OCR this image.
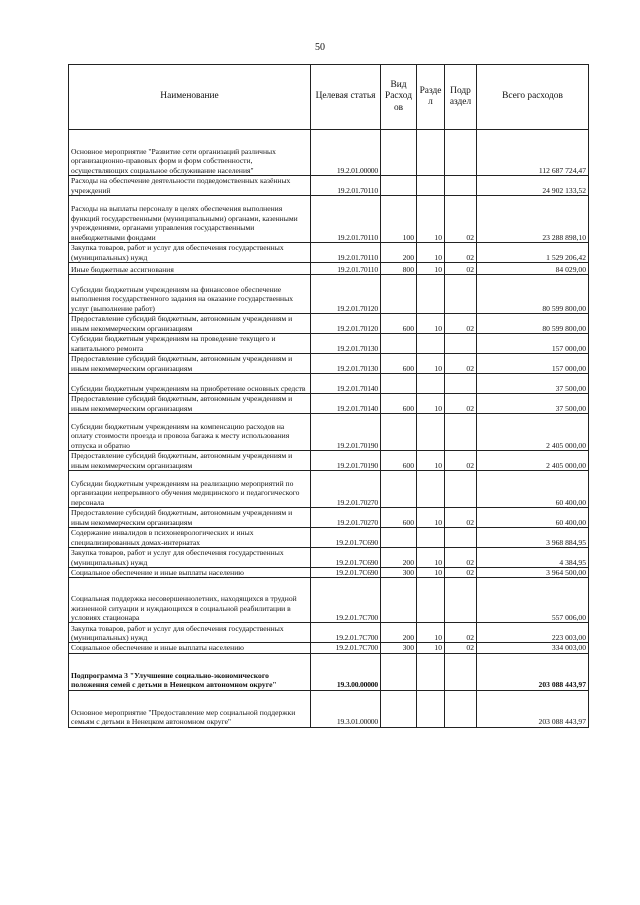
50
Наименование	Целевая статья	Вид Расход ов	Разде л	Подр аздел	Всего расходов
Основное мероприятие "Развитие сети организаций различных организационно-правовых форм и форм собственности, осуществляющих социальное обслуживание населения"	19.2.01.00000				112 687 724,47
Расходы на обеспечение деятельности подведомственных казённых учреждений	19.2.01.70110				24 902 133,52
Расходы на выплаты персоналу в целях обеспечения выполнения функций государственными (муниципальными) органами, казенными учреждениями, органами управления государственными внебюджетными фондами	19.2.01.70110	100	10	02	23 288 898,10
Закупка товаров, работ и услуг для обеспечения государственных (муниципальных) нужд	19.2.01.70110	200	10	02	1 529 206,42
Иные бюджетные ассигнования	19.2.01.70110	800	10	02	84 029,00
Субсидии бюджетным учреждениям на финансовое обеспечение выполнения государственного задания на оказание государственных услуг (выполнение работ)	19.2.01.70120				80 599 800,00
Предоставление субсидий бюджетным, автономным учреждениям и иным некоммерческим организациям	19.2.01.70120	600	10	02	80 599 800,00
Субсидии бюджетным учреждениям на проведение текущего и капитального ремонта	19.2.01.70130				157 000,00
Предоставление субсидий бюджетным, автономным учреждениям и иным некоммерческим организациям	19.2.01.70130	600	10	02	157 000,00
Субсидии бюджетным учреждениям на приобретение основных средств	19.2.01.70140				37 500,00
Предоставление субсидий бюджетным, автономным учреждениям и иным некоммерческим организациям	19.2.01.70140	600	10	02	37 500,00
Субсидии бюджетным учреждениям на компенсацию расходов на оплату стоимости проезда и провоза багажа к месту использования отпуска и обратно	19.2.01.70190				2 405 000,00
Предоставление субсидий бюджетным, автономным учреждениям и иным некоммерческим организациям	19.2.01.70190	600	10	02	2 405 000,00
Субсидии бюджетным учреждениям на реализацию мероприятий по организации непрерывного обучения медицинского и педагогического персонала	19.2.01.70270				60 400,00
Предоставление субсидий бюджетным, автономным учреждениям и иным некоммерческим организациям	19.2.01.70270	600	10	02	60 400,00
Содержание инвалидов в психоневрологических и иных специализированных домах-интернатах	19.2.01.7С690				3 968 884,95
Закупка товаров, работ и услуг для обеспечения государственных (муниципальных) нужд	19.2.01.7С690	200	10	02	4 384,95
Социальное обеспечение и иные выплаты населению	19.2.01.7С690	300	10	02	3 964 500,00
Социальная поддержка несовершеннолетних, находящихся в трудной жизненной ситуации и нуждающихся в социальной реабилитации в условиях стационара	19.2.01.7С700				557 006,00
Закупка товаров, работ и услуг для обеспечения государственных (муниципальных) нужд	19.2.01.7С700	200	10	02	223 003,00
Социальное обеспечение и иные выплаты населению	19.2.01.7С700	300	10	02	334 003,00
Подпрограмма 3 "Улучшение социально-экономического положения семей с детьми в Ненецком автономном округе"	19.3.00.00000				203 088 443,97
Основное мероприятие "Предоставление мер социальной поддержки семьям с детьми в Ненецком автономном округе"	19.3.01.00000				203 088 443,97
